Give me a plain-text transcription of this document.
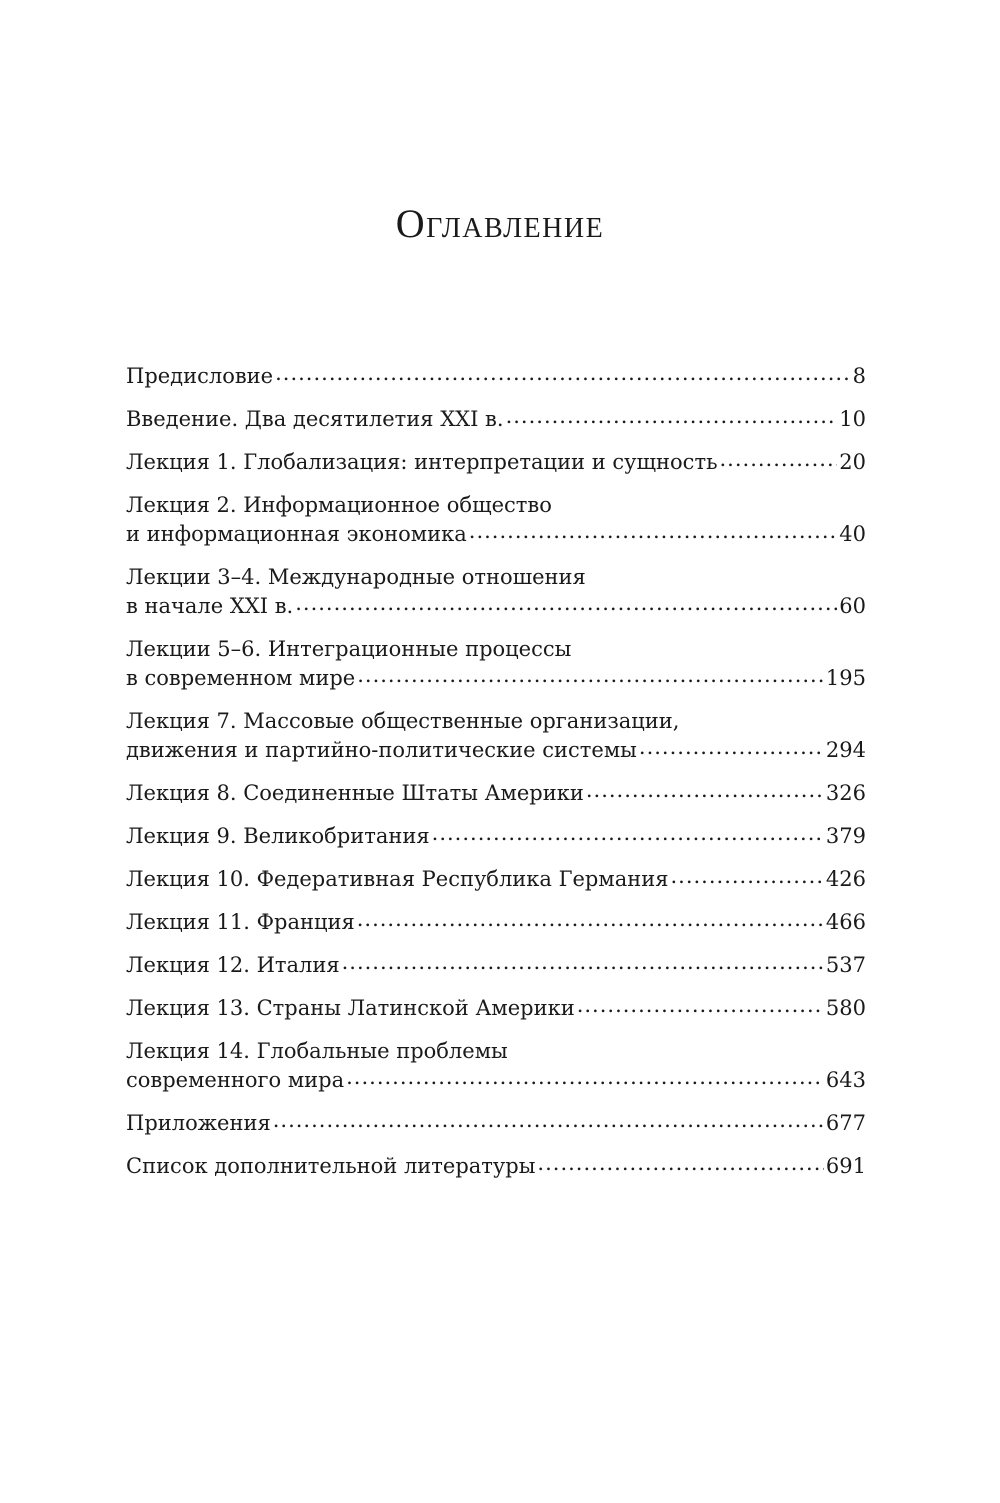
Оглавление
Предисловие .....	8
Введение. Два десятилетия XXI в. .....	10
Лекция 1. Глобализация: интерпретации и сущность .....	20
Лекция 2. Информационное общество
и информационная экономика .....	40
Лекции 3–4. Международные отношения
в начале XXI в. .....	60
Лекции 5–6. Интеграционные процессы
в современном мире .....	195
Лекция 7. Массовые общественные организации,
движения и партийно-политические системы .....	294
Лекция 8. Соединенные Штаты Америки .....	326
Лекция 9. Великобритания .....	379
Лекция 10. Федеративная Республика Германия .....	426
Лекция 11. Франция .....	466
Лекция 12. Италия .....	537
Лекция 13. Страны Латинской Америки .....	580
Лекция 14. Глобальные проблемы
современного мира .....	643
Приложения .....	677
Список дополнительной литературы .....	691
